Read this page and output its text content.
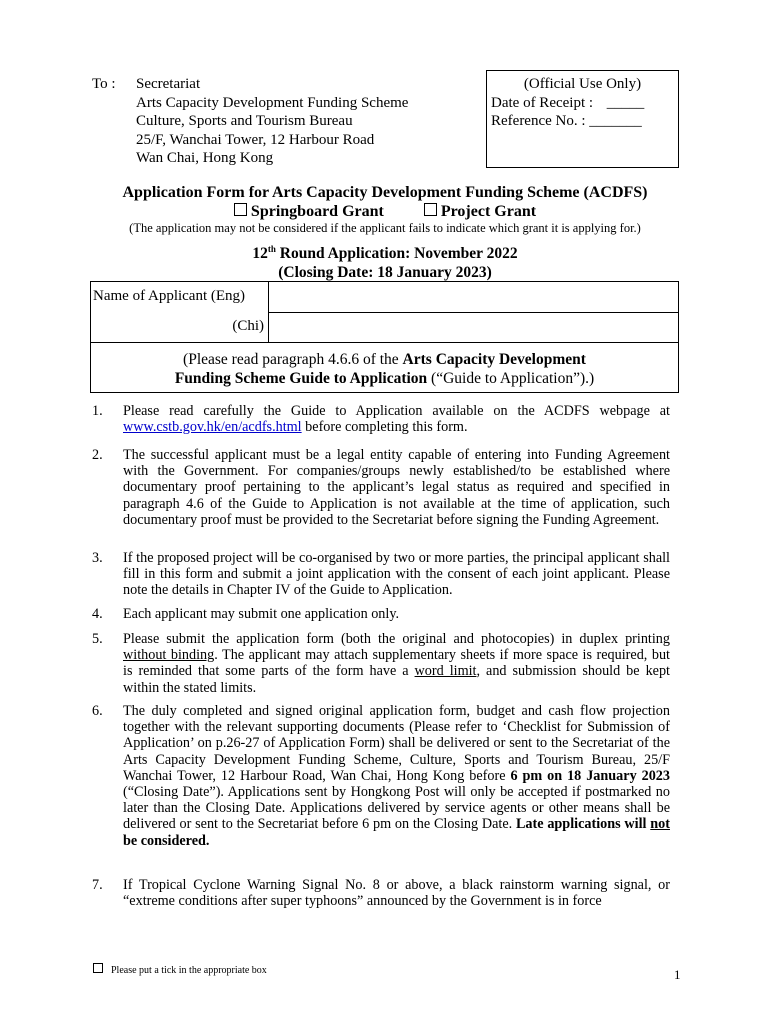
To :	Secretariat
Arts Capacity Development Funding Scheme
Culture, Sports and Tourism Bureau
25/F, Wanchai Tower, 12 Harbour Road
Wan Chai, Hong Kong
(Official Use Only)
Date of Receipt : _____
Reference No. : _______
Application Form for Arts Capacity Development Funding Scheme (ACDFS)
Springboard Grant	Project Grant
(The application may not be considered if the applicant fails to indicate which grant it is applying for.)
12th Round Application: November 2022
(Closing Date: 18 January 2023)
Name of Applicant (Eng)
(Chi)
(Please read paragraph 4.6.6 of the Arts Capacity Development
Funding Scheme Guide to Application (“Guide to Application”).)
1. Please read carefully the Guide to Application available on the ACDFS webpage at www.cstb.gov.hk/en/acdfs.html before completing this form.
2. The successful applicant must be a legal entity capable of entering into Funding Agreement with the Government. For companies/groups newly established/to be established where documentary proof pertaining to the applicant’s legal status as required and specified in paragraph 4.6 of the Guide to Application is not available at the time of application, such documentary proof must be provided to the Secretariat before signing the Funding Agreement.
3. If the proposed project will be co-organised by two or more parties, the principal applicant shall fill in this form and submit a joint application with the consent of each joint applicant. Please note the details in Chapter IV of the Guide to Application.
4. Each applicant may submit one application only.
5. Please submit the application form (both the original and photocopies) in duplex printing without binding. The applicant may attach supplementary sheets if more space is required, but is reminded that some parts of the form have a word limit, and submission should be kept within the stated limits.
6. The duly completed and signed original application form, budget and cash flow projection together with the relevant supporting documents (Please refer to ‘Checklist for Submission of Application’ on p.26-27 of Application Form) shall be delivered or sent to the Secretariat of the Arts Capacity Development Funding Scheme, Culture, Sports and Tourism Bureau, 25/F Wanchai Tower, 12 Harbour Road, Wan Chai, Hong Kong before 6 pm on 18 January 2023 (“Closing Date”). Applications sent by Hongkong Post will only be accepted if postmarked no later than the Closing Date. Applications delivered by service agents or other means shall be delivered or sent to the Secretariat before 6 pm on the Closing Date. Late applications will not be considered.
7. If Tropical Cyclone Warning Signal No. 8 or above, a black rainstorm warning signal, or “extreme conditions after super typhoons” announced by the Government is in force
Please put a tick in the appropriate box	1
